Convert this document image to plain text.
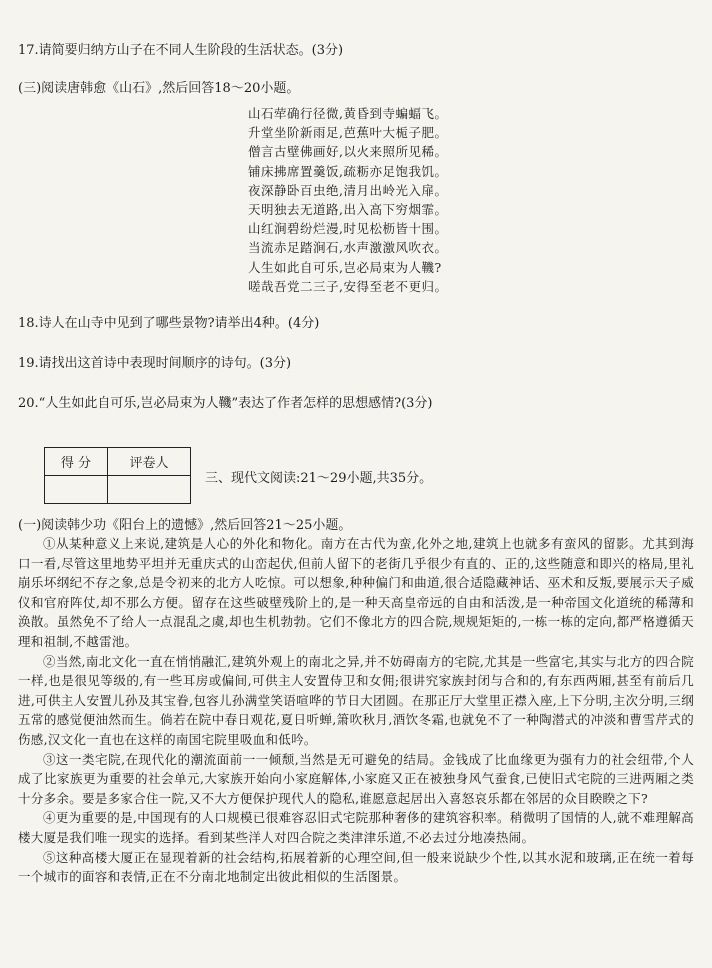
17.请简要归纳方山子在不同人生阶段的生活状态。(3分)
(三)阅读唐韩愈《山石》,然后回答18～20小题。
山石荦确行径微,黄昏到寺蝙蝠飞。
升堂坐阶新雨足,芭蕉叶大栀子肥。
僧言古壁佛画好,以火来照所见稀。
铺床拂席置羹饭,疏粝亦足饱我饥。
夜深静卧百虫绝,清月出岭光入扉。
天明独去无道路,出入高下穷烟霏。
山红涧碧纷烂漫,时见松枥皆十围。
当流赤足踏涧石,水声激激风吹衣。
人生如此自可乐,岂必局束为人鞿?
嗟哉吾党二三子,安得至老不更归。
18.诗人在山寺中见到了哪些景物?请举出4种。(4分)
19.请找出这首诗中表现时间顺序的诗句。(3分)
20.“人生如此自可乐,岂必局束为人鞿”表达了作者怎样的思想感情?(3分)
得 分	评卷人

三、现代文阅读:21～29小题,共35分。
(一)阅读韩少功《阳台上的遗憾》,然后回答21～25小题。
①从某种意义上来说,建筑是人心的外化和物化。南方在古代为蛮,化外之地,建筑上也就多有蛮风的留影。尤其到海口一看,尽管这里地势平坦并无重庆式的山峦起伏,但前人留下的老街几乎很少有直的、正的,这些随意和即兴的格局,里礼崩乐坏纲纪不存之象,总是令初来的北方人吃惊。可以想象,种种偏门和曲道,很合适隐藏神话、巫术和反叛,要展示天子威仪和官府阵仗,却不那么方便。留存在这些破壁残阶上的,是一种天高皇帝远的自由和活泼,是一种帝国文化道统的稀薄和涣散。虽然免不了给人一点混乱之虞,却也生机勃勃。它们不像北方的四合院,规规矩矩的,一栋一栋的定向,都严格遵循天理和祖制,不越雷池。
②当然,南北文化一直在悄悄融汇,建筑外观上的南北之异,并不妨碍南方的宅院,尤其是一些富宅,其实与北方的四合院一样,也是很见等级的,有一些耳房或偏间,可供主人安置侍卫和女佣;很讲究家族封闭与合和的,有东西两厢,甚至有前后几进,可供主人安置儿孙及其宝眷,包容儿孙满堂笑语喧哗的节日大团圆。在那正厅大堂里正襟入座,上下分明,主次分明,三纲五常的感觉便油然而生。倘若在院中春日观花,夏日听蝉,箫吹秋月,酒饮冬霜,也就免不了一种陶潜式的冲淡和曹雪芹式的伤感,汉文化一直也在这样的南国宅院里吸血和低吟。
③这一类宅院,在现代化的潮流面前一一倾颓,当然是无可避免的结局。金钱成了比血缘更为强有力的社会纽带,个人成了比家族更为重要的社会单元,大家族开始向小家庭解体,小家庭又正在被独身风气蚕食,已使旧式宅院的三进两厢之类十分多余。要是多家合住一院,又不大方便保护现代人的隐私,谁愿意起居出入喜怒哀乐都在邻居的众目睽睽之下?
④更为重要的是,中国现有的人口规模已很难容忍旧式宅院那种奢侈的建筑容积率。稍微明了国情的人,就不难理解高楼大厦是我们唯一现实的选择。看到某些洋人对四合院之类津津乐道,不必去过分地凑热闹。
⑤这种高楼大厦正在显现着新的社会结构,拓展着新的心理空间,但一般来说缺少个性,以其水泥和玻璃,正在统一着每一个城市的面容和表情,正在不分南北地制定出彼此相似的生活图景。
